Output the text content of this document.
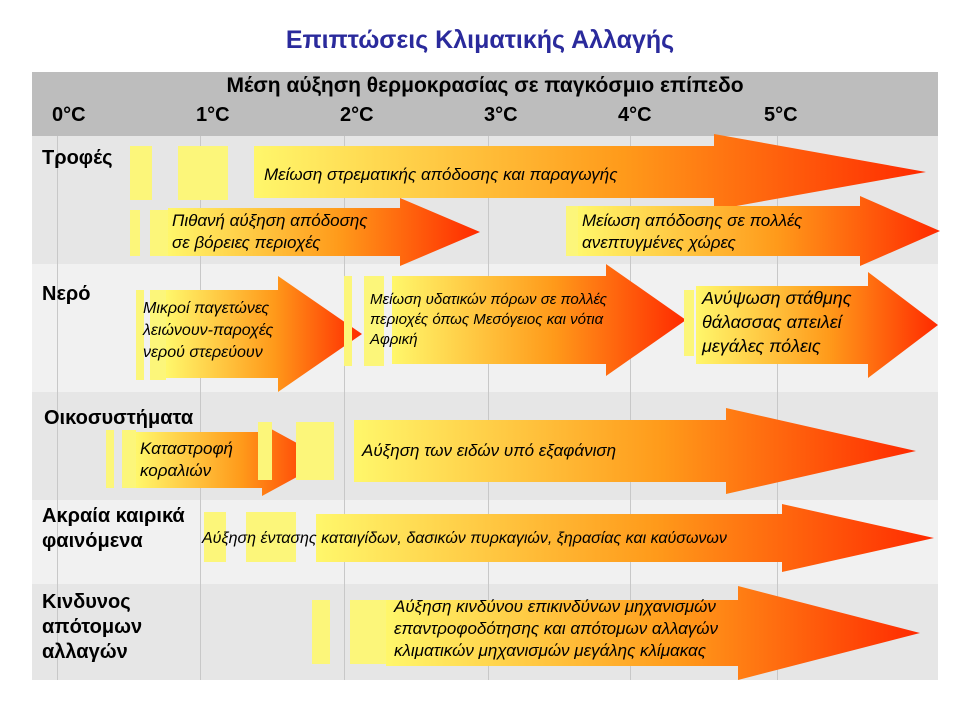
Επιπτώσεις Κλιματικής Αλλαγής
Μέση αύξηση θερμοκρασίας σε παγκόσμιο επίπεδο
0°C	1°C	2°C	3°C	4°C	5°C
Τροφές
Μείωση στρεματικής απόδοσης και παραγωγής
Πιθανή αύξηση απόδοσης
σε βόρειες περιοχές
Μείωση απόδοσης σε πολλές
ανεπτυγμένες χώρες
Νερό
Μικροί παγετώνες
λειώνουν-παροχές
νερού στερεύουν
Μείωση υδατικών πόρων σε πολλές
περιοχές όπως Μεσόγειος και νότια
Αφρική
Ανύψωση στάθμης
θάλασσας απειλεί
μεγάλες πόλεις
Οικοσυστήματα
Καταστροφή
κοραλιών
Αύξηση των ειδών υπό εξαφάνιση
Ακραία καιρικά
φαινόμενα	Αύξηση έντασης καταιγίδων, δασικών πυρκαγιών, ξηρασίας και καύσωνων
Κινδυνος
απότομων
αλλαγών
Αύξηση κινδύνου επικινδύνων μηχανισμών
επαντροφοδότησης και απότομων αλλαγών
κλιματικών μηχανισμών μεγάλης κλίμακας
